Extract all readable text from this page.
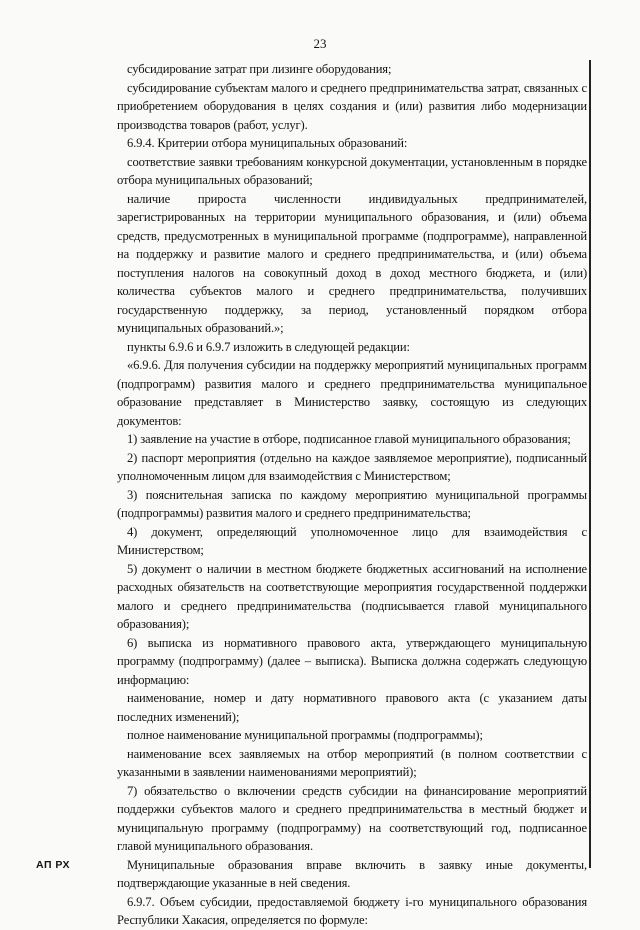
23

субсидирование затрат при лизинге оборудования;

субсидирование субъектам малого и среднего предпринимательства затрат, связанных с приобретением оборудования в целях создания и (или) развития либо модернизации производства товаров (работ, услуг).

6.9.4. Критерии отбора муниципальных образований:

соответствие заявки требованиям конкурсной документации, установленным в порядке отбора муниципальных образований;

наличие прироста численности индивидуальных предпринимателей, зарегистрированных на территории муниципального образования, и (или) объема средств, предусмотренных в муниципальной программе (подпрограмме), направленной на поддержку и развитие малого и среднего предпринимательства, и (или) объема поступления налогов на совокупный доход в доход местного бюджета, и (или) количества субъектов малого и среднего предпринимательства, получивших государственную поддержку, за период, установленный порядком отбора муниципальных образований.»;

пункты 6.9.6 и 6.9.7 изложить в следующей редакции:

«6.9.6. Для получения субсидии на поддержку мероприятий муниципальных программ (подпрограмм) развития малого и среднего предпринимательства муниципальное образование представляет в Министерство заявку, состоящую из следующих документов:

1) заявление на участие в отборе, подписанное главой муниципального образования;

2) паспорт мероприятия (отдельно на каждое заявляемое мероприятие), подписанный уполномоченным лицом для взаимодействия с Министерством;

3) пояснительная записка по каждому мероприятию муниципальной программы (подпрограммы) развития малого и среднего предпринимательства;

4) документ, определяющий уполномоченное лицо для взаимодействия с Министерством;

5) документ о наличии в местном бюджете бюджетных ассигнований на исполнение расходных обязательств на соответствующие мероприятия государственной поддержки малого и среднего предпринимательства (подписывается главой муниципального образования);

6) выписка из нормативного правового акта, утверждающего муниципальную программу (подпрограмму) (далее – выписка). Выписка должна содержать следующую информацию:

наименование, номер и дату нормативного правового акта (с указанием даты последних изменений);

полное наименование муниципальной программы (подпрограммы);

наименование всех заявляемых на отбор мероприятий (в полном соответствии с указанными в заявлении наименованиями мероприятий);

7) обязательство о включении средств субсидии на финансирование мероприятий поддержки субъектов малого и среднего предпринимательства в местный бюджет и муниципальную программу (подпрограмму) на соответствующий год, подписанное главой муниципального образования.

Муниципальные образования вправе включить в заявку иные документы, подтверждающие указанные в ней сведения.

6.9.7. Объем субсидии, предоставляемой бюджету i-го муниципального образования Республики Хакасия, определяется по формуле:

АП РХ
